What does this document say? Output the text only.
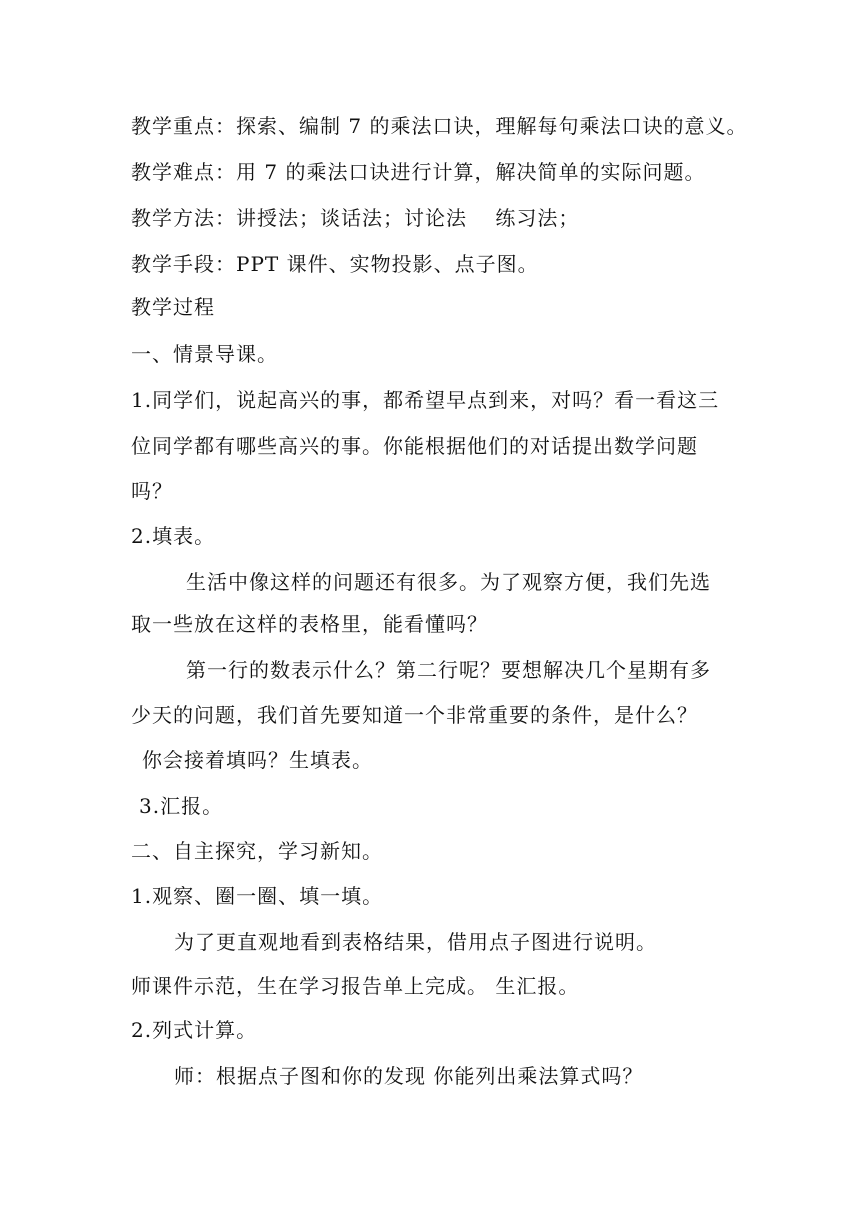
教学重点：探索、编制 7 的乘法口诀，理解每句乘法口诀的意义。
教学难点：用 7 的乘法口诀进行计算，解决简单的实际问题。
教学方法：讲授法；谈话法；讨论法　 练习法；
教学手段：PPT 课件、实物投影、点子图。
教学过程
一、情景导课。
1.同学们，说起高兴的事，都希望早点到来，对吗？看一看这三
位同学都有哪些高兴的事。你能根据他们的对话提出数学问题
吗？
2.填表。
生活中像这样的问题还有很多。为了观察方便，我们先选
取一些放在这样的表格里，能看懂吗？
第一行的数表示什么？第二行呢？要想解决几个星期有多
少天的问题，我们首先要知道一个非常重要的条件，是什么？
你会接着填吗？生填表。
3.汇报。
二、自主探究，学习新知。
1.观察、圈一圈、填一填。
为了更直观地看到表格结果，借用点子图进行说明。
师课件示范，生在学习报告单上完成。 生汇报。
2.列式计算。
师：根据点子图和你的发现 你能列出乘法算式吗？
